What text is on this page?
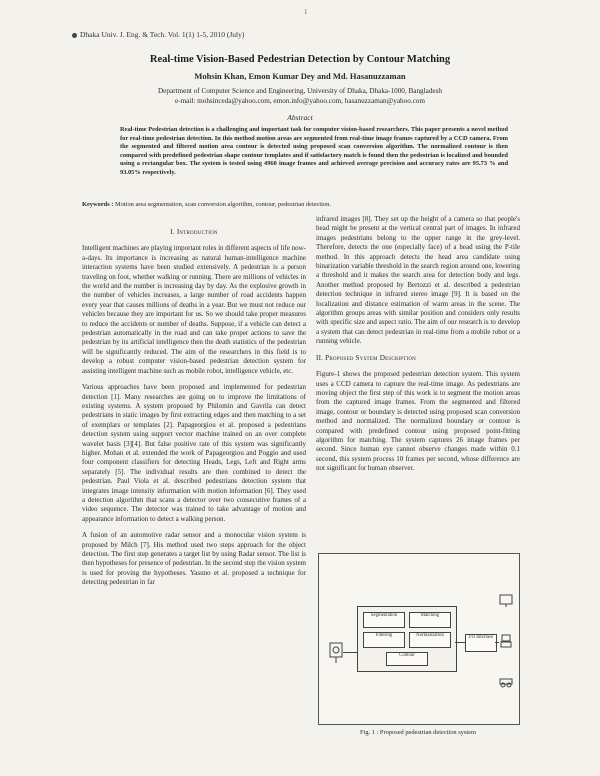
1
Dhaka Univ. J. Eng. & Tech. Vol. 1(1) 1-5, 2010 (July)
Real-time Vision-Based Pedestrian Detection by Contour Matching
Mohsin Khan, Emon Kumar Dey and Md. Hasanuzzaman
Department of Computer Science and Engineering, University of Dhaka, Dhaka-1000, Bangladesh
e-mail: mohsinceda@yahoo.com, emon.info@yahoo.com, hasanuzzaman@yahoo.com
Abstract
Real-time Pedestrian detection is a challenging and important task for computer vision-based researchers. This paper presents a novel method for real-time pedestrian detection. In this method motion areas are segmented from real-time image frames captured by a CCD camera. From the segmented and filtered motion area contour is detected using proposed scan conversion algorithm. The normalized contour is then compared with predefined pedestrian shape contour templates and if satisfactory match is found then the pedestrian is localized and bounded using a rectangular box. The system is tested using 4960 image frames and achieved average precision and accuracy rates are 95.73 % and 93.05% respectively.
Keywords : Motion area segmentation, scan conversion algorithm, contour, pedestrian detection.
I. Introduction

Intelligent machines are playing important roles in different aspects of life now-a-days. Its importance is increasing as natural human-intelligence machine interaction systems have been studied extensively. A pedestrian is a person traveling on foot, whether walking or running. There are millions of vehicles in the world and the number is increasing day by day. As the explosive growth in the number of vehicles increases, a large number of road accidents happen every year that causes millions of deaths in a year. But we must not reduce our vehicles because they are important for us. So we should take proper measures to reduce the accidents or number of deaths. Suppose, if a vehicle can detect a pedestrian automatically in the road and can take proper actions to save the pedestrian by its artificial intelligence then the death statistics of the pedestrian will be significantly reduced. The aim of the researchers in this field is to develop a robust computer vision-based pedestrian detection system for assisting intelligent machine such as mobile robot, intelligence vehicle, etc.

Various approaches have been proposed and implemented for pedestrian detection [1]. Many researches are going on to improve the limitations of existing systems. A system proposed by Philomin and Gavrila can detect pedestrians in static images by first extracting edges and then matching to a set of exemplars or templates [2]. Papageorgiou et al. proposed a pedestrians detection system using support vector machine trained on an over complete wavelet basis [3][4]. But false positive rate of this system was significantly higher. Mohan et al. extended the work of Papageorgiou and Poggio and used four component classifiers for detecting Heads, Legs, Left and Right arms separately [5]. The individual results are then combined to detect the pedestrian. Paul Viola et al. described pedestrians detection system that integrates image intensity information with motion information [6]. They used a detection algorithm that scans a detector over two consecutive frames of a video sequence. The detector was trained to take advantage of motion and appearance information to detect a walking person.

A fusion of an automotive radar sensor and a monocular vision system is proposed by Milch [7]. His method used two steps approach for the object detection. The first step generates a target list by using Radar sensor. The list is then hypotheses for presence of pedestrian. In the second step the vision system is used for proving the hypotheses. Yasuno et al. proposed a technique for detecting pedestrian in far

infrared images [8]. They set up the height of a camera so that people's head might be present at the vertical central part of images. In infrared images pedestrians belong to the upper range in the grey-level. Therefore, detects the one (especially face) of a head using the P-tile method. In this approach detects the head area candidate using binarization variable threshold in the search region around one, lowering a threshold and it makes the search area for detection body and legs. Another method proposed by Bertozzi et al. described a pedestrian detection technique in infrared stereo image [9]. It is based on the localization and distance estimation of warm areas in the scene. The algorithm groups areas with similar position and considers only results with specific size and aspect ratio. The aim of our research is to develop a system that can detect pedestrian in real-time from a mobile robot or a running vehicle.

II. Proposed System Description

Figure-1 shows the proposed pedestrian detection system. This system uses a CCD camera to capture the real-time image. As pedestrians are moving object the first step of this work is to segment the motion areas from the captured image frames. From the segmented and filtered image, contour or boundary is detected using proposed scan conversion method and normalized. The normalized boundary or contour is compared with predefined contour using proposed point-fitting algorithm for matching. The system captures 26 image frames per second. Since human eye cannot observe changes made within 0.1 second, this system process 10 frames per second, whose difference are not significant for human observer.

Segmentation	Matching
Filtering	Normalization
Contour
I/O Interface
Fig. 1 : Proposed pedestrian detection system
